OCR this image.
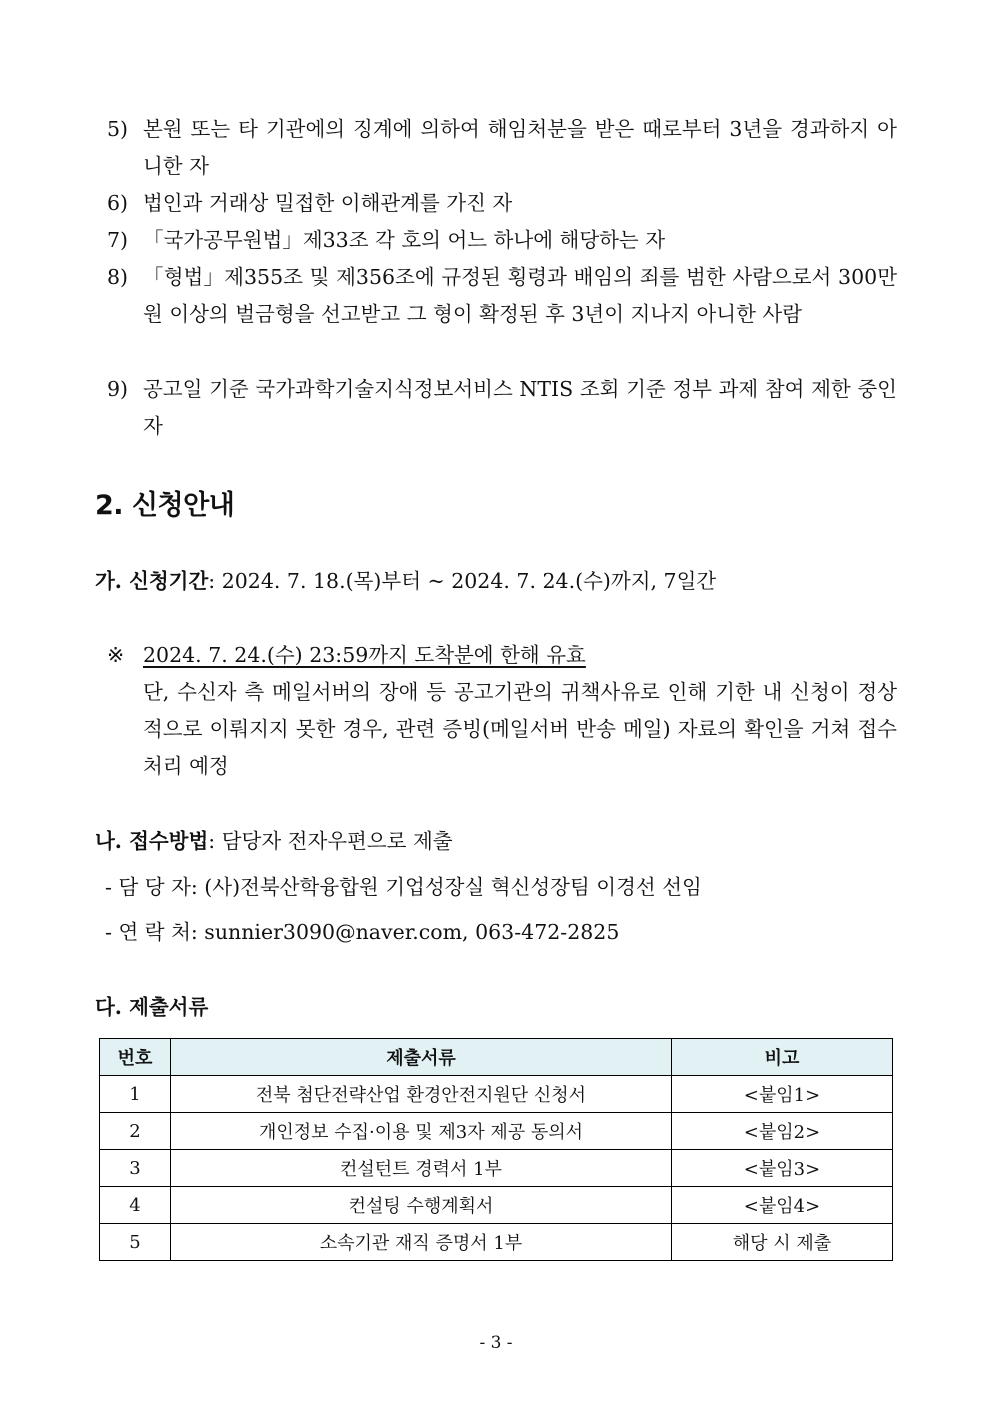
5) 본원 또는 타 기관에의 징계에 의하여 해임처분을 받은 때로부터 3년을 경과하지 아니한 자
6) 법인과 거래상 밀접한 이해관계를 가진 자
7) 「국가공무원법」제33조 각 호의 어느 하나에 해당하는 자
8) 「형법」제355조 및 제356조에 규정된 횡령과 배임의 죄를 범한 사람으로서 300만원 이상의 벌금형을 선고받고 그 형이 확정된 후 3년이 지나지 아니한 사람
9) 공고일 기준 국가과학기술지식정보서비스 NTIS 조회 기준 정부 과제 참여 제한 중인 자
2. 신청안내
가. 신청기간: 2024. 7. 18.(목)부터 ~ 2024. 7. 24.(수)까지, 7일간
※ 2024. 7. 24.(수) 23:59까지 도착분에 한해 유효
단, 수신자 측 메일서버의 장애 등 공고기관의 귀책사유로 인해 기한 내 신청이 정상적으로 이뤄지지 못한 경우, 관련 증빙(메일서버 반송 메일) 자료의 확인을 거쳐 접수 처리 예정
나. 접수방법: 담당자 전자우편으로 제출
- 담 당 자: (사)전북산학융합원 기업성장실 혁신성장팀 이경선 선임
- 연 락 처: sunnier3090@naver.com, 063-472-2825
다. 제출서류
번호	제출서류	비고
1	전북 첨단전략산업 환경안전지원단 신청서	<붙임1>
2	개인정보 수집·이용 및 제3자 제공 동의서	<붙임2>
3	컨설턴트 경력서 1부	<붙임3>
4	컨설팅 수행계획서	<붙임4>
5	소속기관 재직 증명서 1부	해당 시 제출
- 3 -
